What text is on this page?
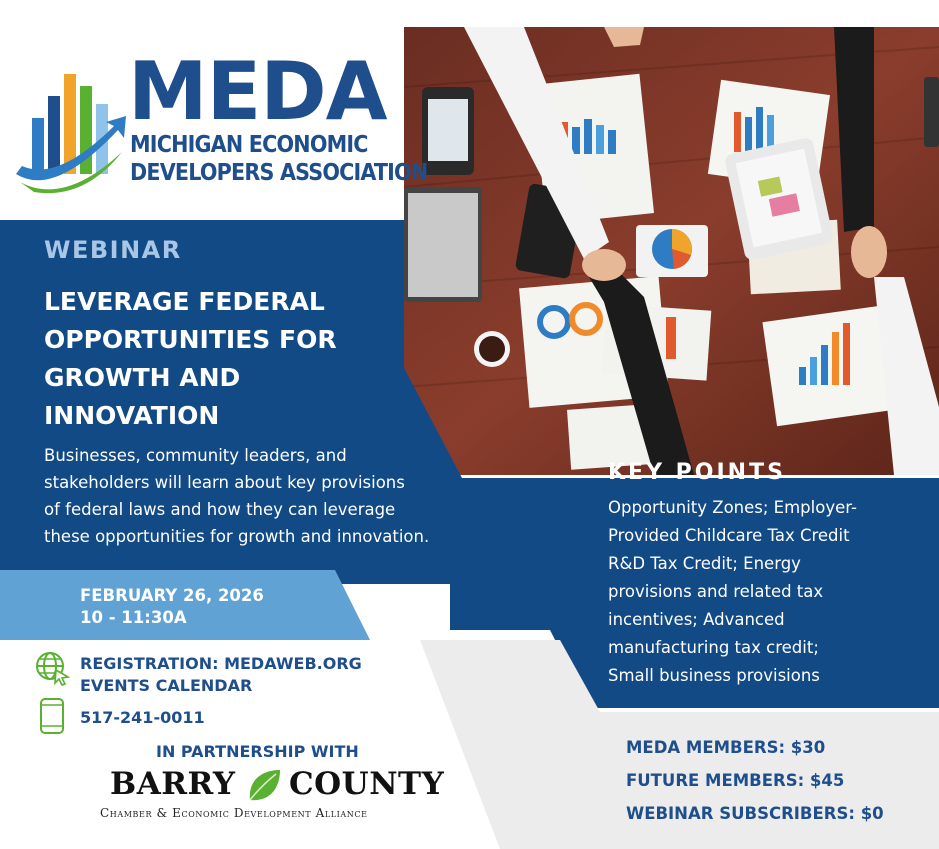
MEDA
MICHIGAN ECONOMIC
DEVELOPERS ASSOCIATION
WEBINAR
LEVERAGE FEDERAL
OPPORTUNITIES FOR
GROWTH AND
INNOVATION
Businesses, community leaders, and
stakeholders will learn about key provisions
of federal laws and how they can leverage
these opportunities for growth and innovation.
KEY POINTS
Opportunity Zones; Employer-
Provided Childcare Tax Credit
R&D Tax Credit; Energy
provisions and related tax
incentives; Advanced
manufacturing tax credit;
Small business provisions
FEBRUARY 26, 2026
10 - 11:30A
REGISTRATION: MEDAWEB.ORG
EVENTS CALENDAR
517-241-0011
IN PARTNERSHIP WITH
BARRY COUNTY
Chamber & Economic Development Alliance
MEDA MEMBERS: $30
FUTURE MEMBERS: $45
WEBINAR SUBSCRIBERS: $0
